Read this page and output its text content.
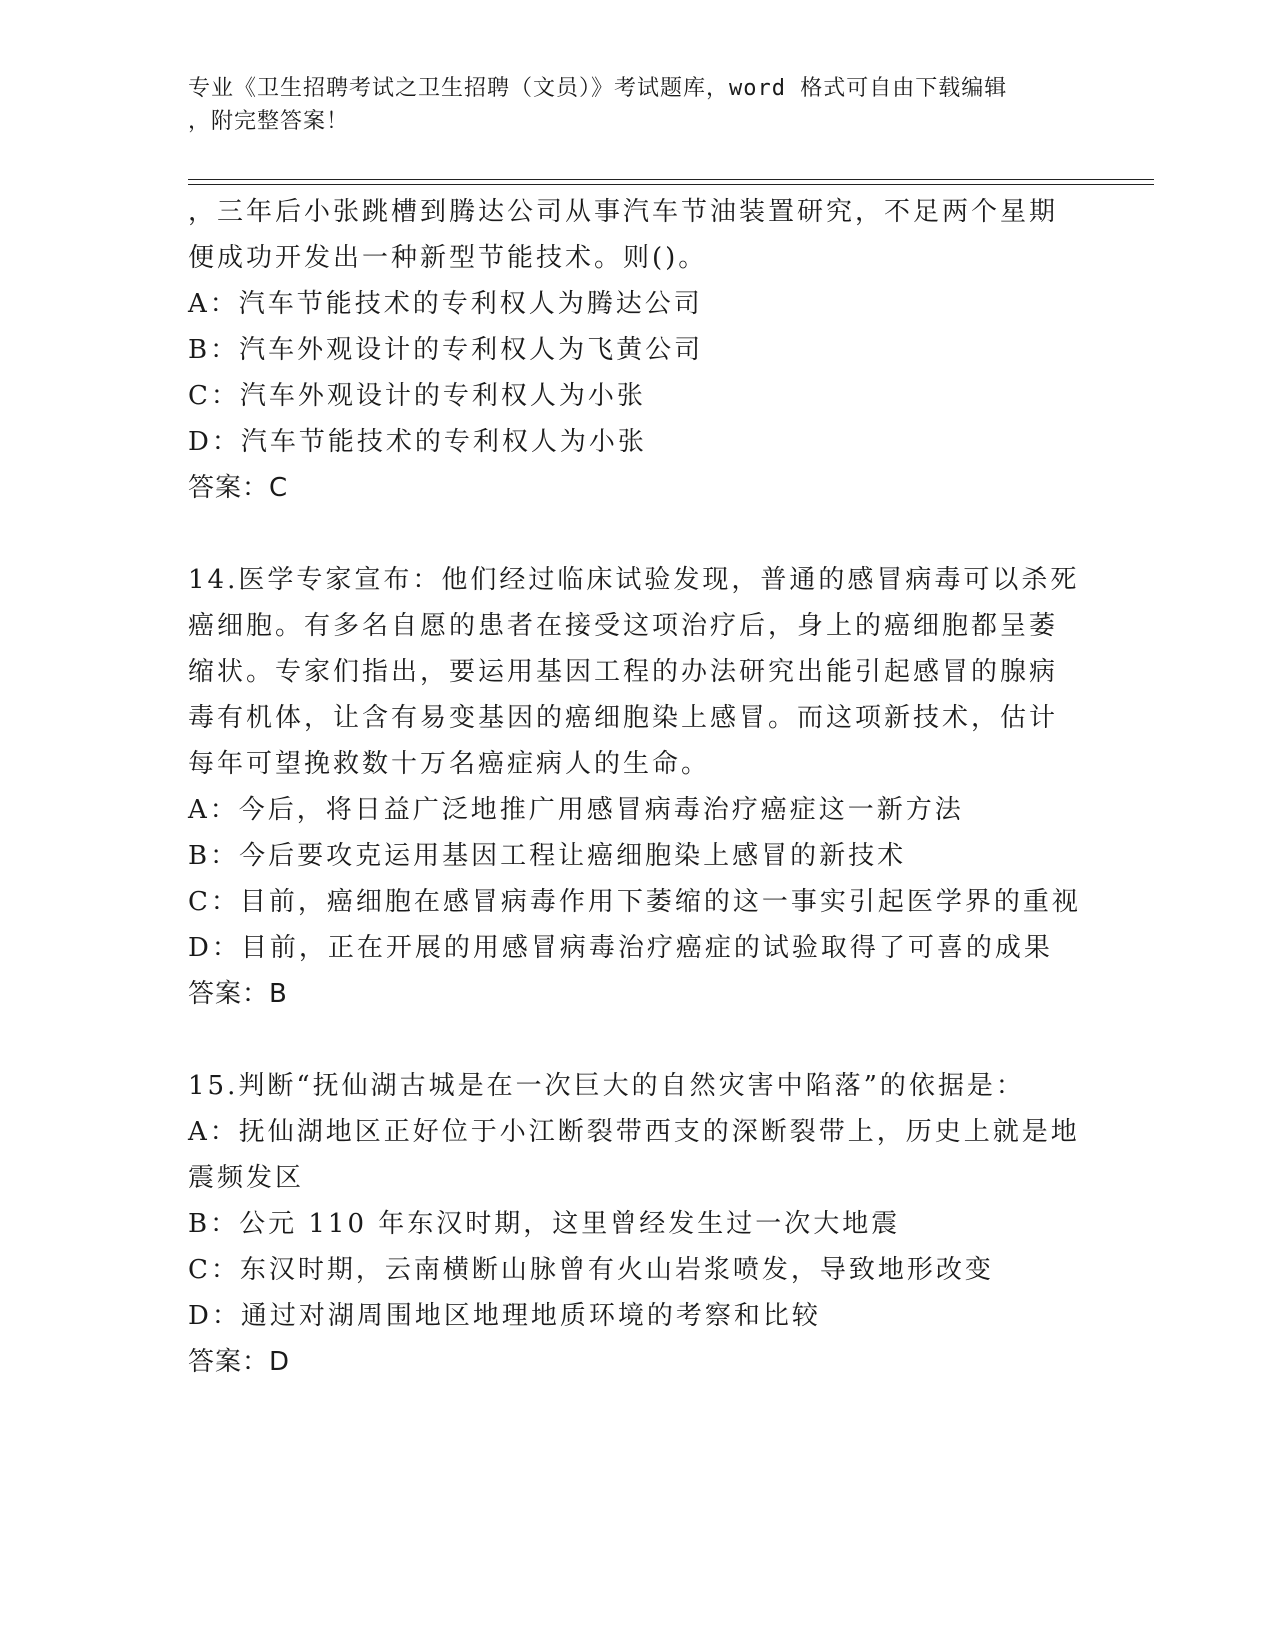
专业《卫生招聘考试之卫生招聘（文员）》考试题库，word 格式可自由下载编辑
，附完整答案！
，三年后小张跳槽到腾达公司从事汽车节油装置研究，不足两个星期
便成功开发出一种新型节能技术。则()。
A：汽车节能技术的专利权人为腾达公司
B：汽车外观设计的专利权人为飞黄公司
C：汽车外观设计的专利权人为小张
D：汽车节能技术的专利权人为小张
答案：C
14.医学专家宣布：他们经过临床试验发现，普通的感冒病毒可以杀死
癌细胞。有多名自愿的患者在接受这项治疗后，身上的癌细胞都呈萎
缩状。专家们指出，要运用基因工程的办法研究出能引起感冒的腺病
毒有机体，让含有易变基因的癌细胞染上感冒。而这项新技术，估计
每年可望挽救数十万名癌症病人的生命。
A：今后，将日益广泛地推广用感冒病毒治疗癌症这一新方法
B：今后要攻克运用基因工程让癌细胞染上感冒的新技术
C：目前，癌细胞在感冒病毒作用下萎缩的这一事实引起医学界的重视
D：目前，正在开展的用感冒病毒治疗癌症的试验取得了可喜的成果
答案：B
15.判断“抚仙湖古城是在一次巨大的自然灾害中陷落”的依据是：
A：抚仙湖地区正好位于小江断裂带西支的深断裂带上，历史上就是地
震频发区
B：公元 110 年东汉时期，这里曾经发生过一次大地震
C：东汉时期，云南横断山脉曾有火山岩浆喷发，导致地形改变
D：通过对湖周围地区地理地质环境的考察和比较
答案：D
